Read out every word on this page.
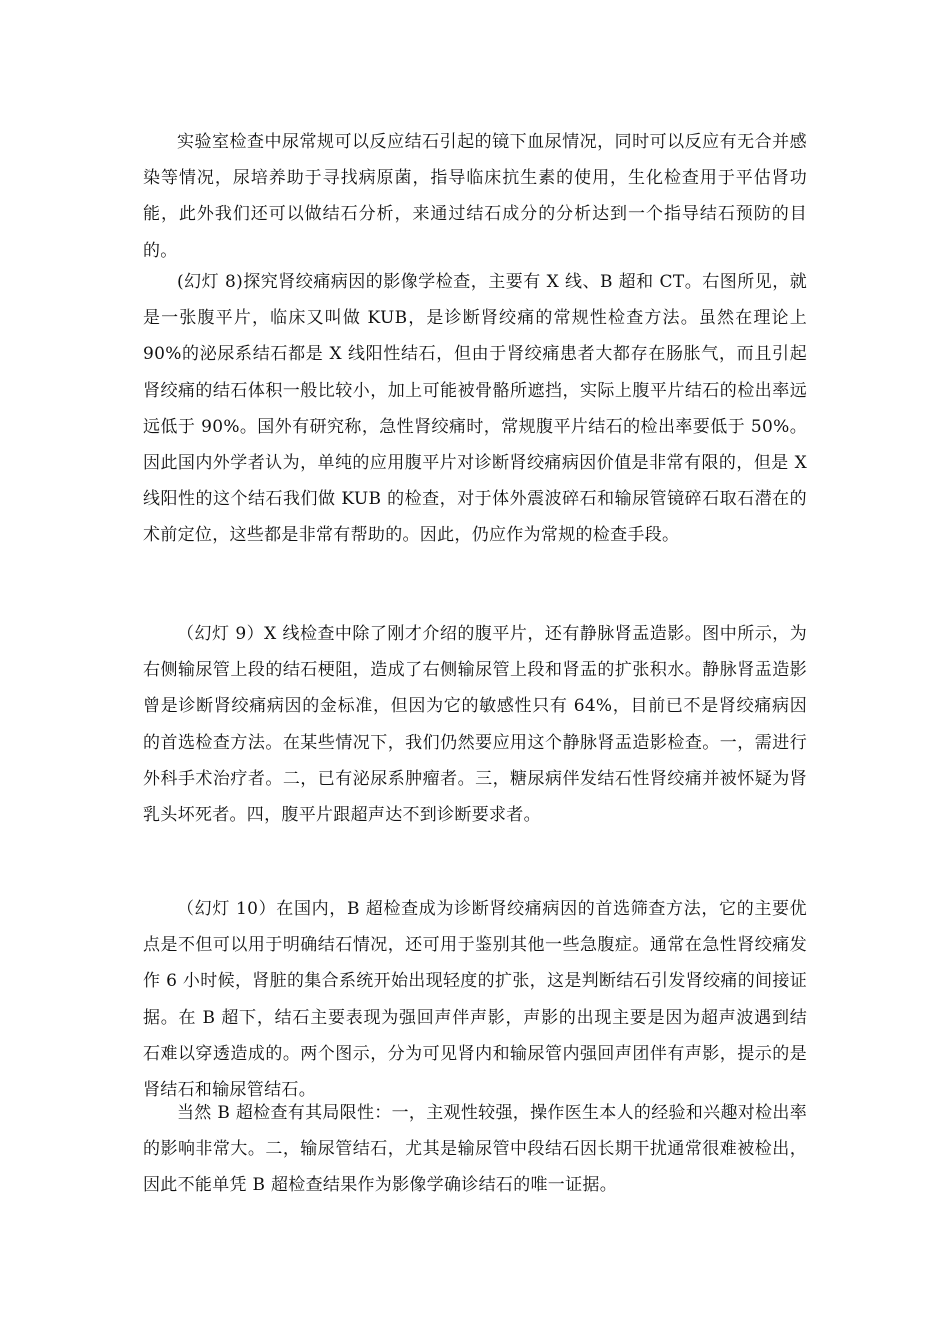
实验室检查中尿常规可以反应结石引起的镜下血尿情况，同时可以反应有无合并感染等情况，尿培养助于寻找病原菌，指导临床抗生素的使用，生化检查用于平估肾功能，此外我们还可以做结石分析，来通过结石成分的分析达到一个指导结石预防的目的。

(幻灯 8)探究肾绞痛病因的影像学检查，主要有 X 线、B 超和 CT。右图所见，就是一张腹平片，临床又叫做 KUB，是诊断肾绞痛的常规性检查方法。虽然在理论上 90%的泌尿系结石都是 X 线阳性结石，但由于肾绞痛患者大都存在肠胀气，而且引起肾绞痛的结石体积一般比较小，加上可能被骨骼所遮挡，实际上腹平片结石的检出率远远低于 90%。国外有研究称，急性肾绞痛时，常规腹平片结石的检出率要低于 50%。因此国内外学者认为，单纯的应用腹平片对诊断肾绞痛病因价值是非常有限的，但是 X 线阳性的这个结石我们做 KUB 的检查，对于体外震波碎石和输尿管镜碎石取石潜在的术前定位，这些都是非常有帮助的。因此，仍应作为常规的检查手段。

（幻灯 9）X 线检查中除了刚才介绍的腹平片，还有静脉肾盂造影。图中所示，为右侧输尿管上段的结石梗阻，造成了右侧输尿管上段和肾盂的扩张积水。静脉肾盂造影曾是诊断肾绞痛病因的金标准，但因为它的敏感性只有 64%，目前已不是肾绞痛病因的首选检查方法。在某些情况下，我们仍然要应用这个静脉肾盂造影检查。一，需进行外科手术治疗者。二，已有泌尿系肿瘤者。三，糖尿病伴发结石性肾绞痛并被怀疑为肾乳头坏死者。四，腹平片跟超声达不到诊断要求者。

（幻灯 10）在国内，B 超检查成为诊断肾绞痛病因的首选筛查方法，它的主要优点是不但可以用于明确结石情况，还可用于鉴别其他一些急腹症。通常在急性肾绞痛发作 6 小时候，肾脏的集合系统开始出现轻度的扩张，这是判断结石引发肾绞痛的间接证据。在 B 超下，结石主要表现为强回声伴声影，声影的出现主要是因为超声波遇到结石难以穿透造成的。两个图示，分为可见肾内和输尿管内强回声团伴有声影，提示的是肾结石和输尿管结石。

当然 B 超检查有其局限性：一，主观性较强，操作医生本人的经验和兴趣对检出率的影响非常大。二，输尿管结石，尤其是输尿管中段结石因长期干扰通常很难被检出，因此不能单凭 B 超检查结果作为影像学确诊结石的唯一证据。
